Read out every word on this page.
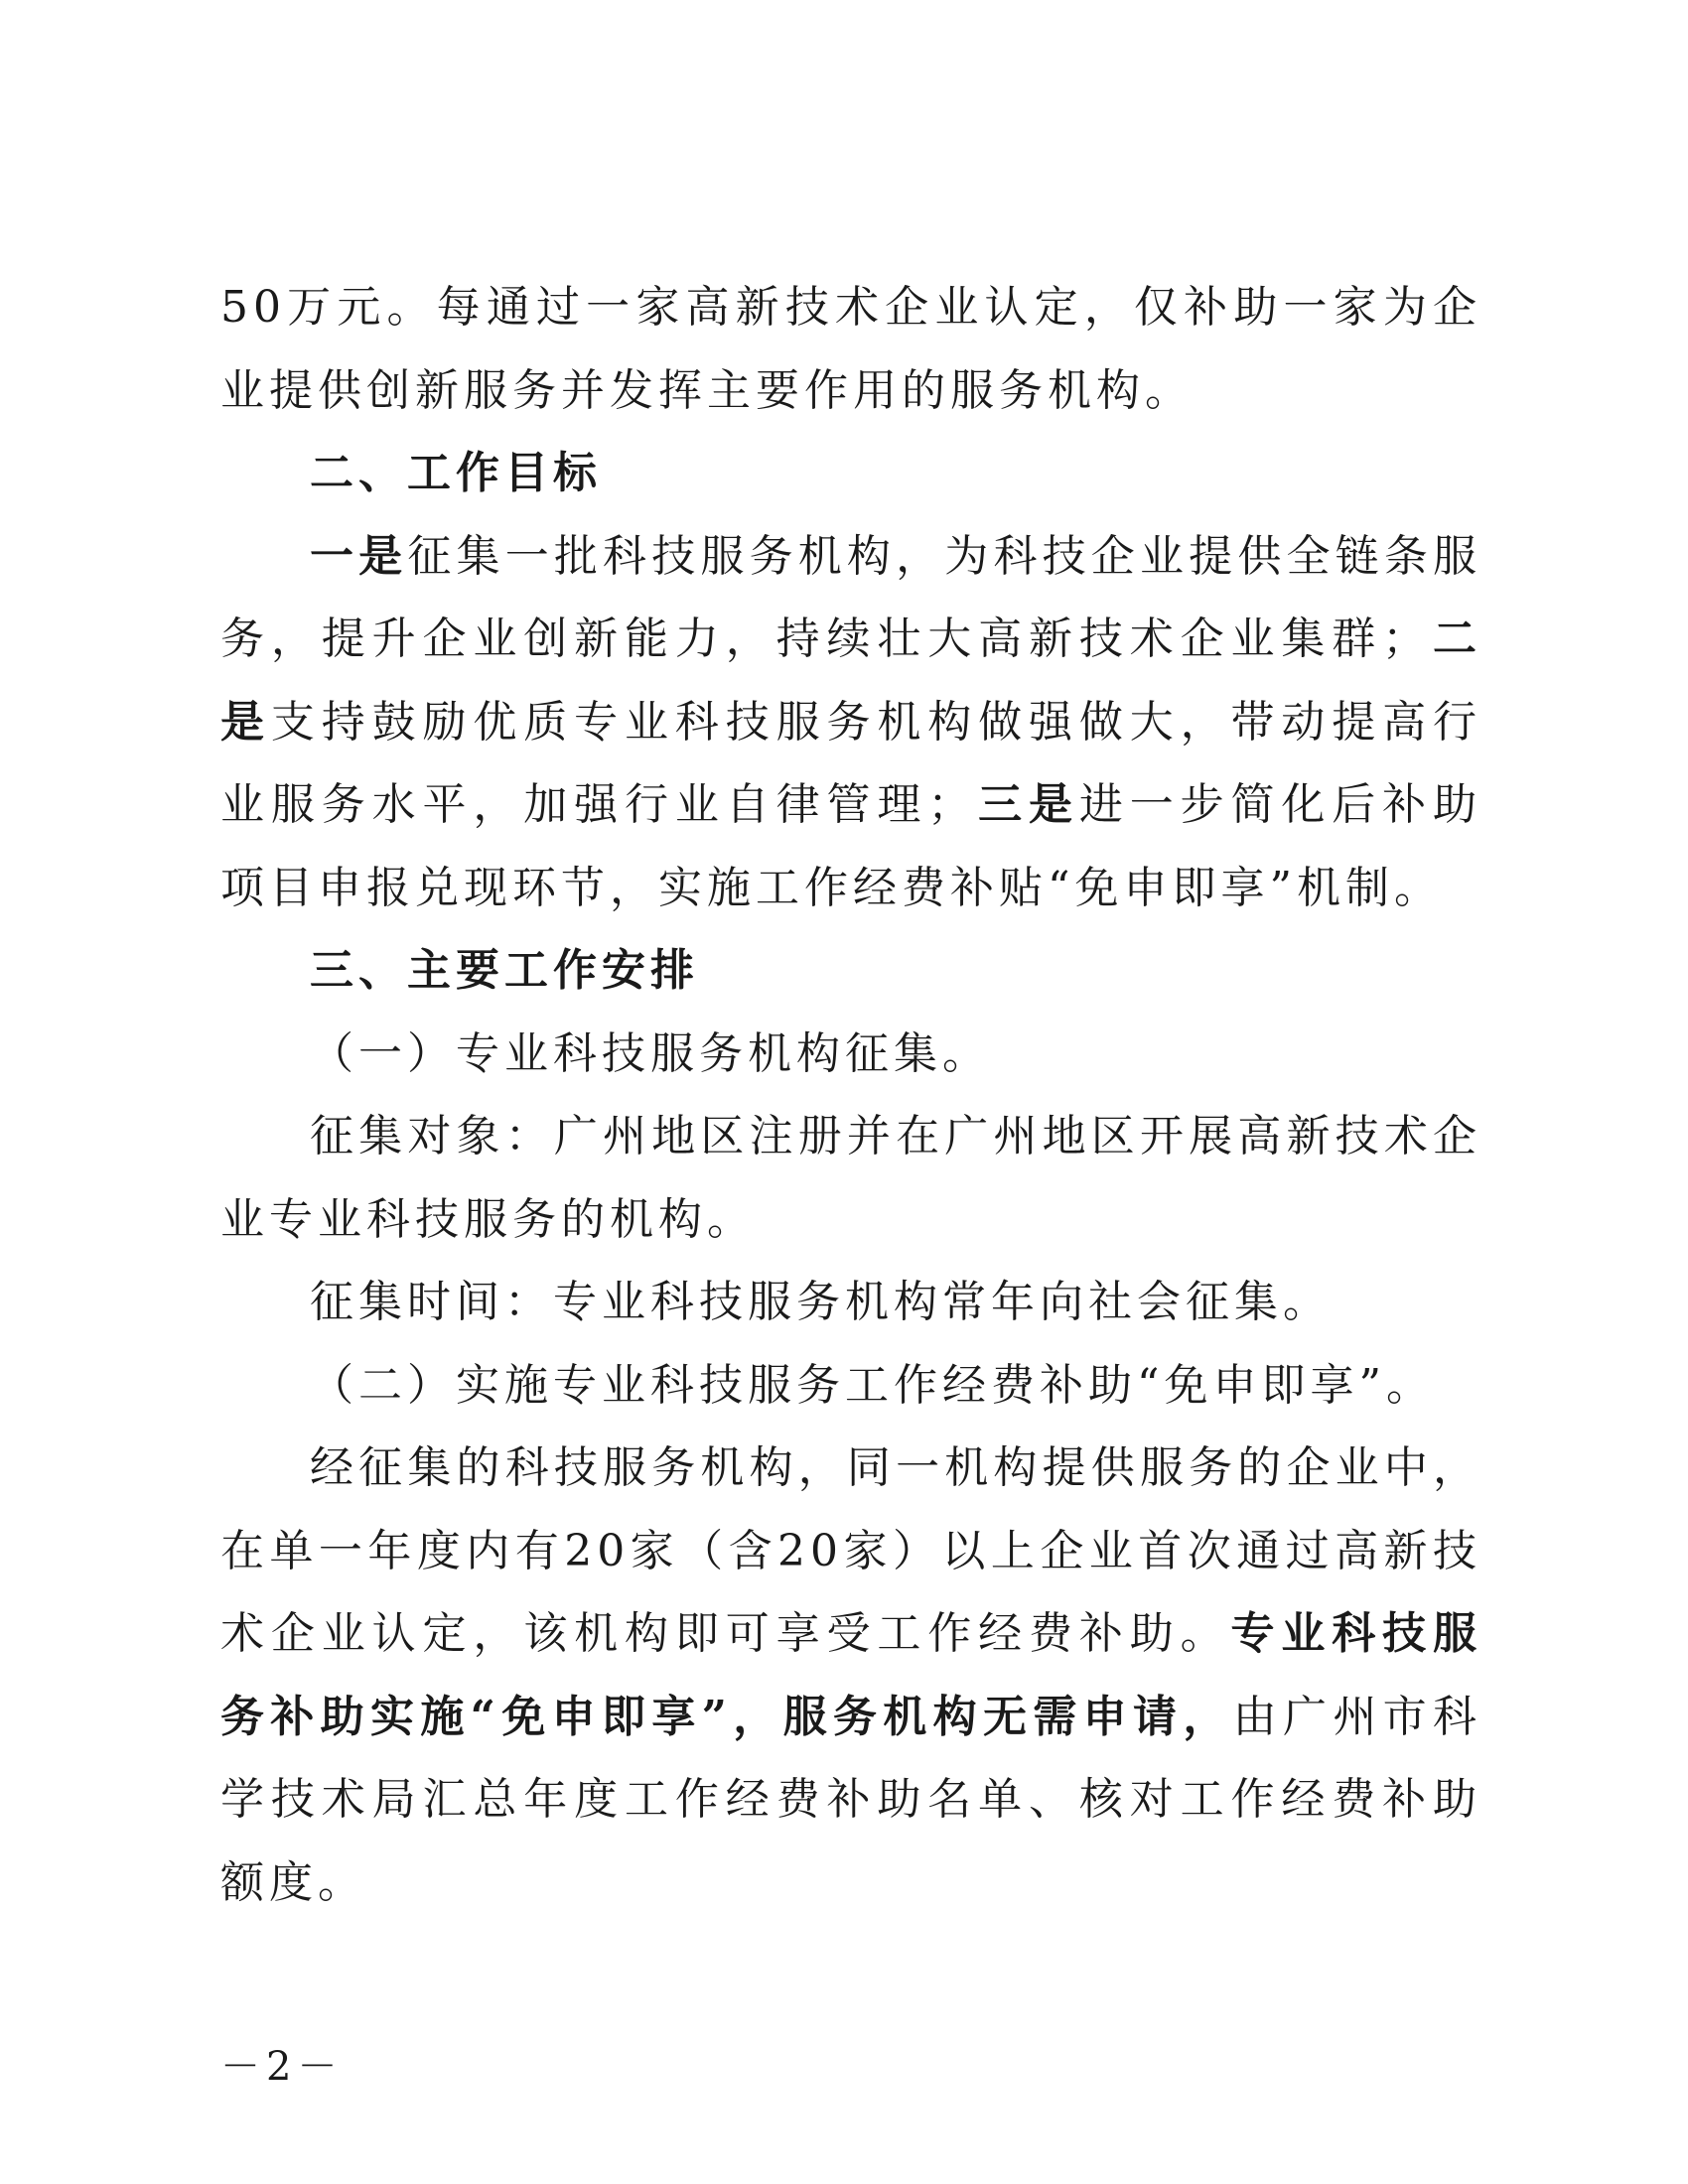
50万元。每通过一家高新技术企业认定，仅补助一家为企业提供创新服务并发挥主要作用的服务机构。

二、工作目标

一是征集一批科技服务机构，为科技企业提供全链条服务，提升企业创新能力，持续壮大高新技术企业集群；二是支持鼓励优质专业科技服务机构做强做大，带动提高行业服务水平，加强行业自律管理；三是进一步简化后补助项目申报兑现环节，实施工作经费补贴“免申即享”机制。

三、主要工作安排

（一）专业科技服务机构征集。

征集对象：广州地区注册并在广州地区开展高新技术企业专业科技服务的机构。

征集时间：专业科技服务机构常年向社会征集。

（二）实施专业科技服务工作经费补助“免申即享”。

经征集的科技服务机构，同一机构提供服务的企业中，在单一年度内有20家（含20家）以上企业首次通过高新技术企业认定，该机构即可享受工作经费补助。专业科技服务补助实施“免申即享”，服务机构无需申请，由广州市科学技术局汇总年度工作经费补助名单、核对工作经费补助额度。

－2－
